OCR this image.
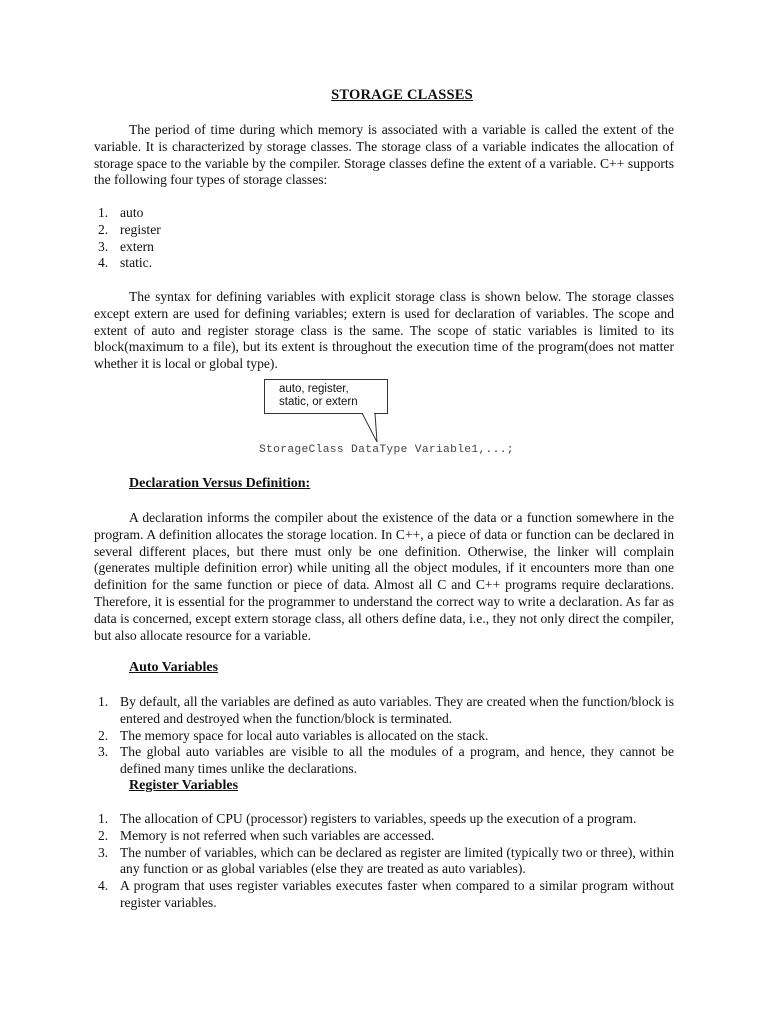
STORAGE CLASSES

The period of time during which memory is associated with a variable is called the extent of the variable. It is characterized by storage classes. The storage class of a variable indicates the allocation of storage space to the variable by the compiler. Storage classes define the extent of a variable. C++ supports the following four types of storage classes:

1. auto
2. register
3. extern
4. static.

The syntax for defining variables with explicit storage class is shown below. The storage classes except extern are used for defining variables; extern is used for declaration of variables. The scope and extent of auto and register storage class is the same. The scope of static variables is limited to its block(maximum to a file), but its extent is throughout the execution time of the program(does not matter whether it is local or global type).

auto, register,
static, or extern
StorageClass DataType Variable1,...;
Declaration Versus Definition:

A declaration informs the compiler about the existence of the data or a function somewhere in the program. A definition allocates the storage location. In C++, a piece of data or function can be declared in several different places, but there must only be one definition. Otherwise, the linker will complain (generates multiple definition error) while uniting all the object modules, if it encounters more than one definition for the same function or piece of data. Almost all C and C++ programs require declarations. Therefore, it is essential for the programmer to understand the correct way to write a declaration. As far as data is concerned, except extern storage class, all others define data, i.e., they not only direct the compiler, but also allocate resource for a variable.

Auto Variables
1. By default, all the variables are defined as auto variables. They are created when the function/block is entered and destroyed when the function/block is terminated.
2. The memory space for local auto variables is allocated on the stack.
3. The global auto variables are visible to all the modules of a program, and hence, they cannot be defined many times unlike the declarations.
Register Variables
1. The allocation of CPU (processor) registers to variables, speeds up the execution of a program.
2. Memory is not referred when such variables are accessed.
3. The number of variables, which can be declared as register are limited (typically two or three), within any function or as global variables (else they are treated as auto variables).
4. A program that uses register variables executes faster when compared to a similar program without register variables.
